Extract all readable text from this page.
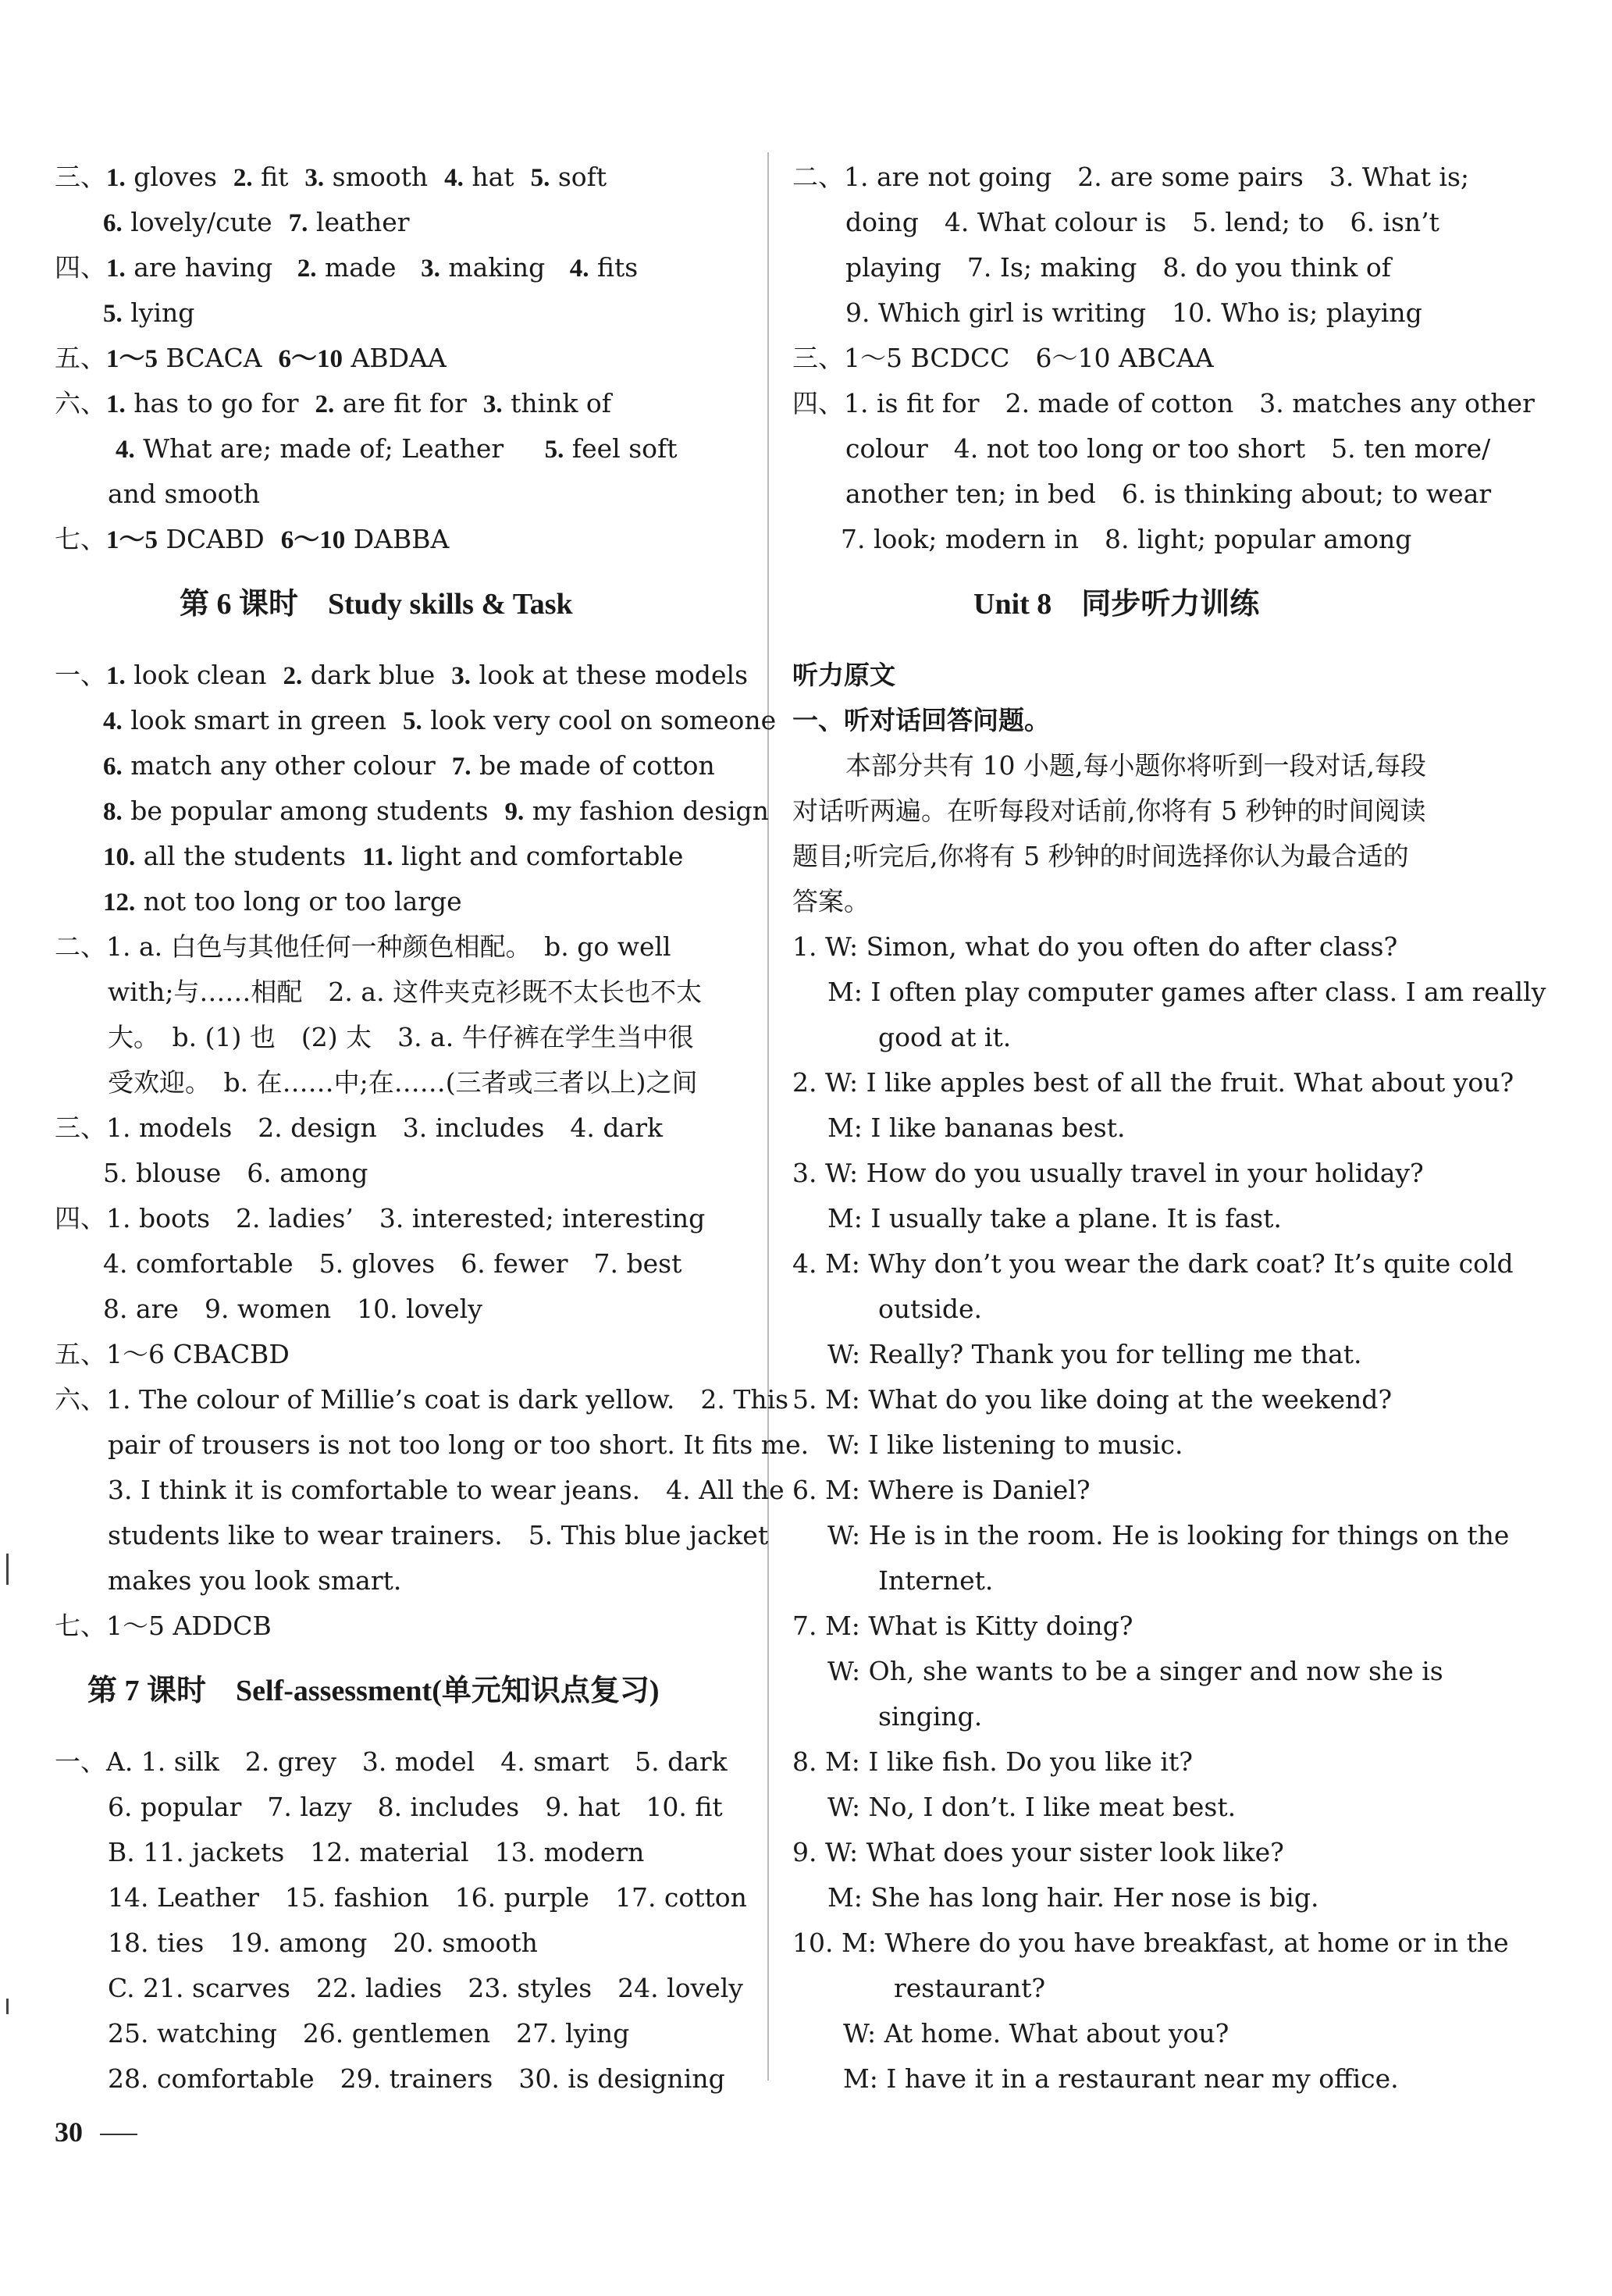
三、1. gloves 2. fit 3. smooth 4. hat 5. soft
6. lovely/cute 7. leather
四、1. are having 2. made 3. making 4. fits
5. lying
五、1～5 BCACA 6～10 ABDAA
六、1. has to go for 2. are fit for 3. think of
4. What are; made of; Leather 5. feel soft
and smooth
七、1～5 DCABD 6～10 DABBA
第 6 课时　Study skills & Task
一、1. look clean 2. dark blue 3. look at these models
4. look smart in green 5. look very cool on someone
6. match any other colour 7. be made of cotton
8. be popular among students 9. my fashion design
10. all the students 11. light and comfortable
12. not too long or too large
二、1. a. 白色与其他任何一种颜色相配。　b. go well
with;与……相配　2. a. 这件夹克衫既不太长也不太
大。　b. (1) 也　(2) 太　3. a. 牛仔裤在学生当中很
受欢迎。　b. 在……中;在……(三者或三者以上)之间
三、1. models　2. design　3. includes　4. dark
5. blouse　6. among
四、1. boots　2. ladies’　3. interested; interesting
4. comfortable　5. gloves　6. fewer　7. best
8. are　9. women　10. lovely
五、1～6 CBACBD
六、1. The colour of Millie’s coat is dark yellow.　2. This
pair of trousers is not too long or too short. It fits me.
3. I think it is comfortable to wear jeans.　4. All the
students like to wear trainers.　5. This blue jacket
makes you look smart.
七、1～5 ADDCB
第 7 课时　Self-assessment(单元知识点复习)
一、A. 1. silk　2. grey　3. model　4. smart　5. dark
6. popular　7. lazy　8. includes　9. hat　10. fit
B. 11. jackets　12. material　13. modern
14. Leather　15. fashion　16. purple　17. cotton
18. ties　19. among　20. smooth
C. 21. scarves　22. ladies　23. styles　24. lovely
25. watching　26. gentlemen　27. lying
28. comfortable　29. trainers　30. is designing
二、1. are not going　2. are some pairs　3. What is;
doing　4. What colour is　5. lend; to　6. isn’t
playing　7. Is; making　8. do you think of
9. Which girl is writing　10. Who is; playing
三、1～5 BCDCC　6～10 ABCAA
四、1. is fit for　2. made of cotton　3. matches any other
colour　4. not too long or too short　5. ten more/
another ten; in bed　6. is thinking about; to wear
7. look; modern in　8. light; popular among
Unit 8　同步听力训练
听力原文
一、听对话回答问题。
本部分共有 10 小题,每小题你将听到一段对话,每段
对话听两遍。在听每段对话前,你将有 5 秒钟的时间阅读
题目;听完后,你将有 5 秒钟的时间选择你认为最合适的
答案。
1. W: Simon, what do you often do after class?
M: I often play computer games after class. I am really
good at it.
2. W: I like apples best of all the fruit. What about you?
M: I like bananas best.
3. W: How do you usually travel in your holiday?
M: I usually take a plane. It is fast.
4. M: Why don’t you wear the dark coat? It’s quite cold
outside.
W: Really? Thank you for telling me that.
5. M: What do you like doing at the weekend?
W: I like listening to music.
6. M: Where is Daniel?
W: He is in the room. He is looking for things on the
Internet.
7. M: What is Kitty doing?
W: Oh, she wants to be a singer and now she is
singing.
8. M: I like fish. Do you like it?
W: No, I don’t. I like meat best.
9. W: What does your sister look like?
M: She has long hair. Her nose is big.
10. M: Where do you have breakfast, at home or in the
restaurant?
W: At home. What about you?
M: I have it in a restaurant near my office.
30
